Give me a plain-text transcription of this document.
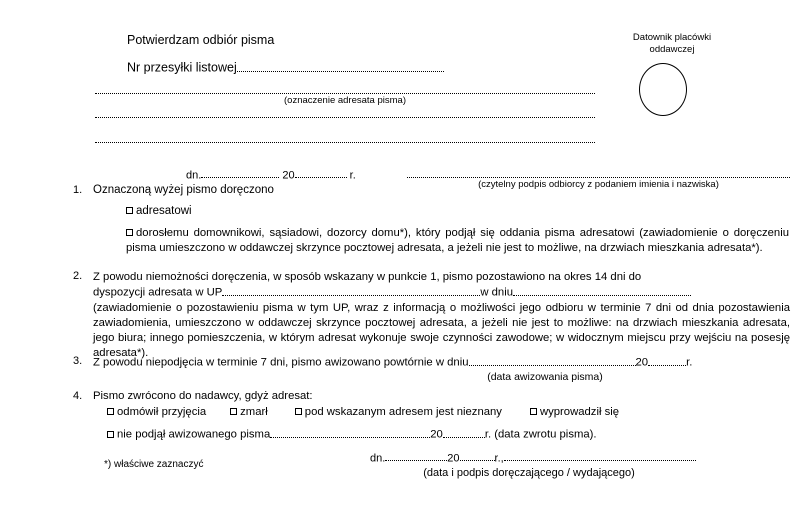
Potwierdzam odbiór pisma
Nr przesyłki listowej
(oznaczenie adresata pisma)
Datownik placówki oddawczej
dn.	20	r.
(czytelny podpis odbiorcy z podaniem imienia i nazwiska)
1. Oznaczoną wyżej pismo doręczono
adresatowi
dorosłemu domownikowi, sąsiadowi, dozorcy domu*), który podjął się oddania pisma adresatowi (zawiadomienie o doręczeniu pisma umieszczono w oddawczej skrzynce pocztowej adresata, a jeżeli nie jest to możliwe, na drzwiach mieszkania adresata*).
2. Z powodu niemożności doręczenia, w sposób wskazany w punkcie 1, pismo pozostawiono na okres 14 dni do
dyspozycji adresata w UP	w dniu
(zawiadomienie o pozostawieniu pisma w tym UP, wraz z informacją o możliwości jego odbioru w terminie 7 dni od dnia pozostawienia zawiadomienia, umieszczono w oddawczej skrzynce pocztowej adresata, a jeżeli nie jest to możliwe: na drzwiach mieszkania adresata, jego biura; innego pomieszczenia, w którym adresat wykonuje swoje czynności zawodowe; w widocznym miejscu przy wejściu na posesję adresata*).
3. Z powodu niepodjęcia w terminie 7 dni, pismo awizowano powtórnie w dniu	20	r.
(data awizowania pisma)
4. Pismo zwrócono do nadawcy, gdyż adresat:
odmówił przyjęcia	zmarł	pod wskazanym adresem jest nieznany	wyprowadził się
nie podjął awizowanego pisma	20	r. (data zwrotu pisma).
*) właściwe zaznaczyć
dn.	20	r.,
(data i podpis doręczającego / wydającego)
